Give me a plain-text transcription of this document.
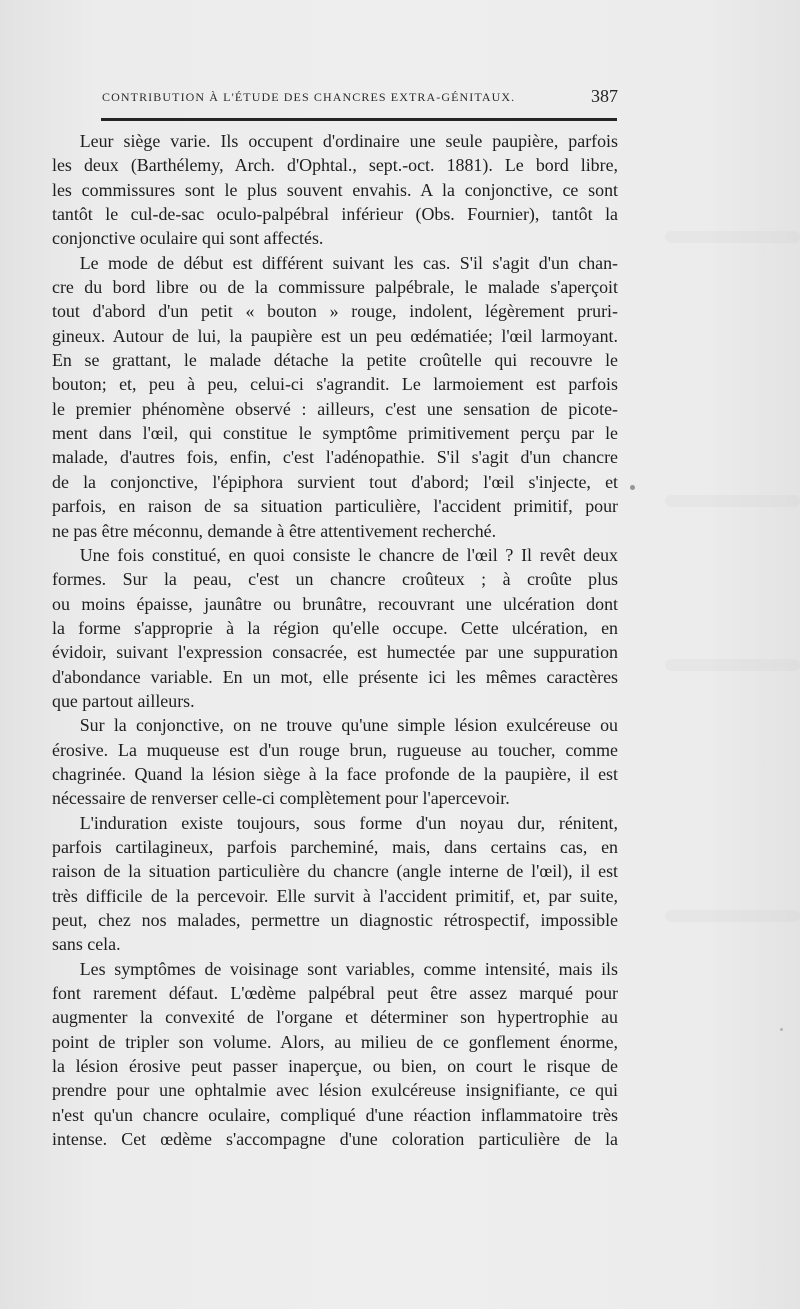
CONTRIBUTION À L'ÉTUDE DES CHANCRES EXTRA-GÉNITAUX.	387

Leur siège varie. Ils occupent d'ordinaire une seule paupière, parfois
les deux (Barthélemy, Arch. d'Ophtal., sept.-oct. 1881). Le bord libre,
les commissures sont le plus souvent envahis. A la conjonctive, ce sont
tantôt le cul-de-sac oculo-palpébral inférieur (Obs. Fournier), tantôt la
conjonctive oculaire qui sont affectés.

Le mode de début est différent suivant les cas. S'il s'agit d'un chan-
cre du bord libre ou de la commissure palpébrale, le malade s'aperçoit
tout d'abord d'un petit « bouton » rouge, indolent, légèrement pruri-
gineux. Autour de lui, la paupière est un peu œdématiée; l'œil larmoyant.
En se grattant, le malade détache la petite croûtelle qui recouvre le
bouton; et, peu à peu, celui-ci s'agrandit. Le larmoiement est parfois
le premier phénomène observé : ailleurs, c'est une sensation de picote-
ment dans l'œil, qui constitue le symptôme primitivement perçu par le
malade, d'autres fois, enfin, c'est l'adénopathie. S'il s'agit d'un chancre
de la conjonctive, l'épiphora survient tout d'abord; l'œil s'injecte, et
parfois, en raison de sa situation particulière, l'accident primitif, pour
ne pas être méconnu, demande à être attentivement recherché.

Une fois constitué, en quoi consiste le chancre de l'œil ? Il revêt deux
formes. Sur la peau, c'est un chancre croûteux ; à croûte plus
ou moins épaisse, jaunâtre ou brunâtre, recouvrant une ulcération dont
la forme s'approprie à la région qu'elle occupe. Cette ulcération, en
évidoir, suivant l'expression consacrée, est humectée par une suppuration
d'abondance variable. En un mot, elle présente ici les mêmes caractères
que partout ailleurs.

Sur la conjonctive, on ne trouve qu'une simple lésion exulcéreuse ou
érosive. La muqueuse est d'un rouge brun, rugueuse au toucher, comme
chagrinée. Quand la lésion siège à la face profonde de la paupière, il est
nécessaire de renverser celle-ci complètement pour l'apercevoir.

L'induration existe toujours, sous forme d'un noyau dur, rénitent,
parfois cartilagineux, parfois parcheminé, mais, dans certains cas, en
raison de la situation particulière du chancre (angle interne de l'œil), il est
très difficile de la percevoir. Elle survit à l'accident primitif, et, par suite,
peut, chez nos malades, permettre un diagnostic rétrospectif, impossible
sans cela.

Les symptômes de voisinage sont variables, comme intensité, mais ils
font rarement défaut. L'œdème palpébral peut être assez marqué pour
augmenter la convexité de l'organe et déterminer son hypertrophie au
point de tripler son volume. Alors, au milieu de ce gonflement énorme,
la lésion érosive peut passer inaperçue, ou bien, on court le risque de
prendre pour une ophtalmie avec lésion exulcéreuse insignifiante, ce qui
n'est qu'un chancre oculaire, compliqué d'une réaction inflammatoire très
intense. Cet œdème s'accompagne d'une coloration particulière de la
